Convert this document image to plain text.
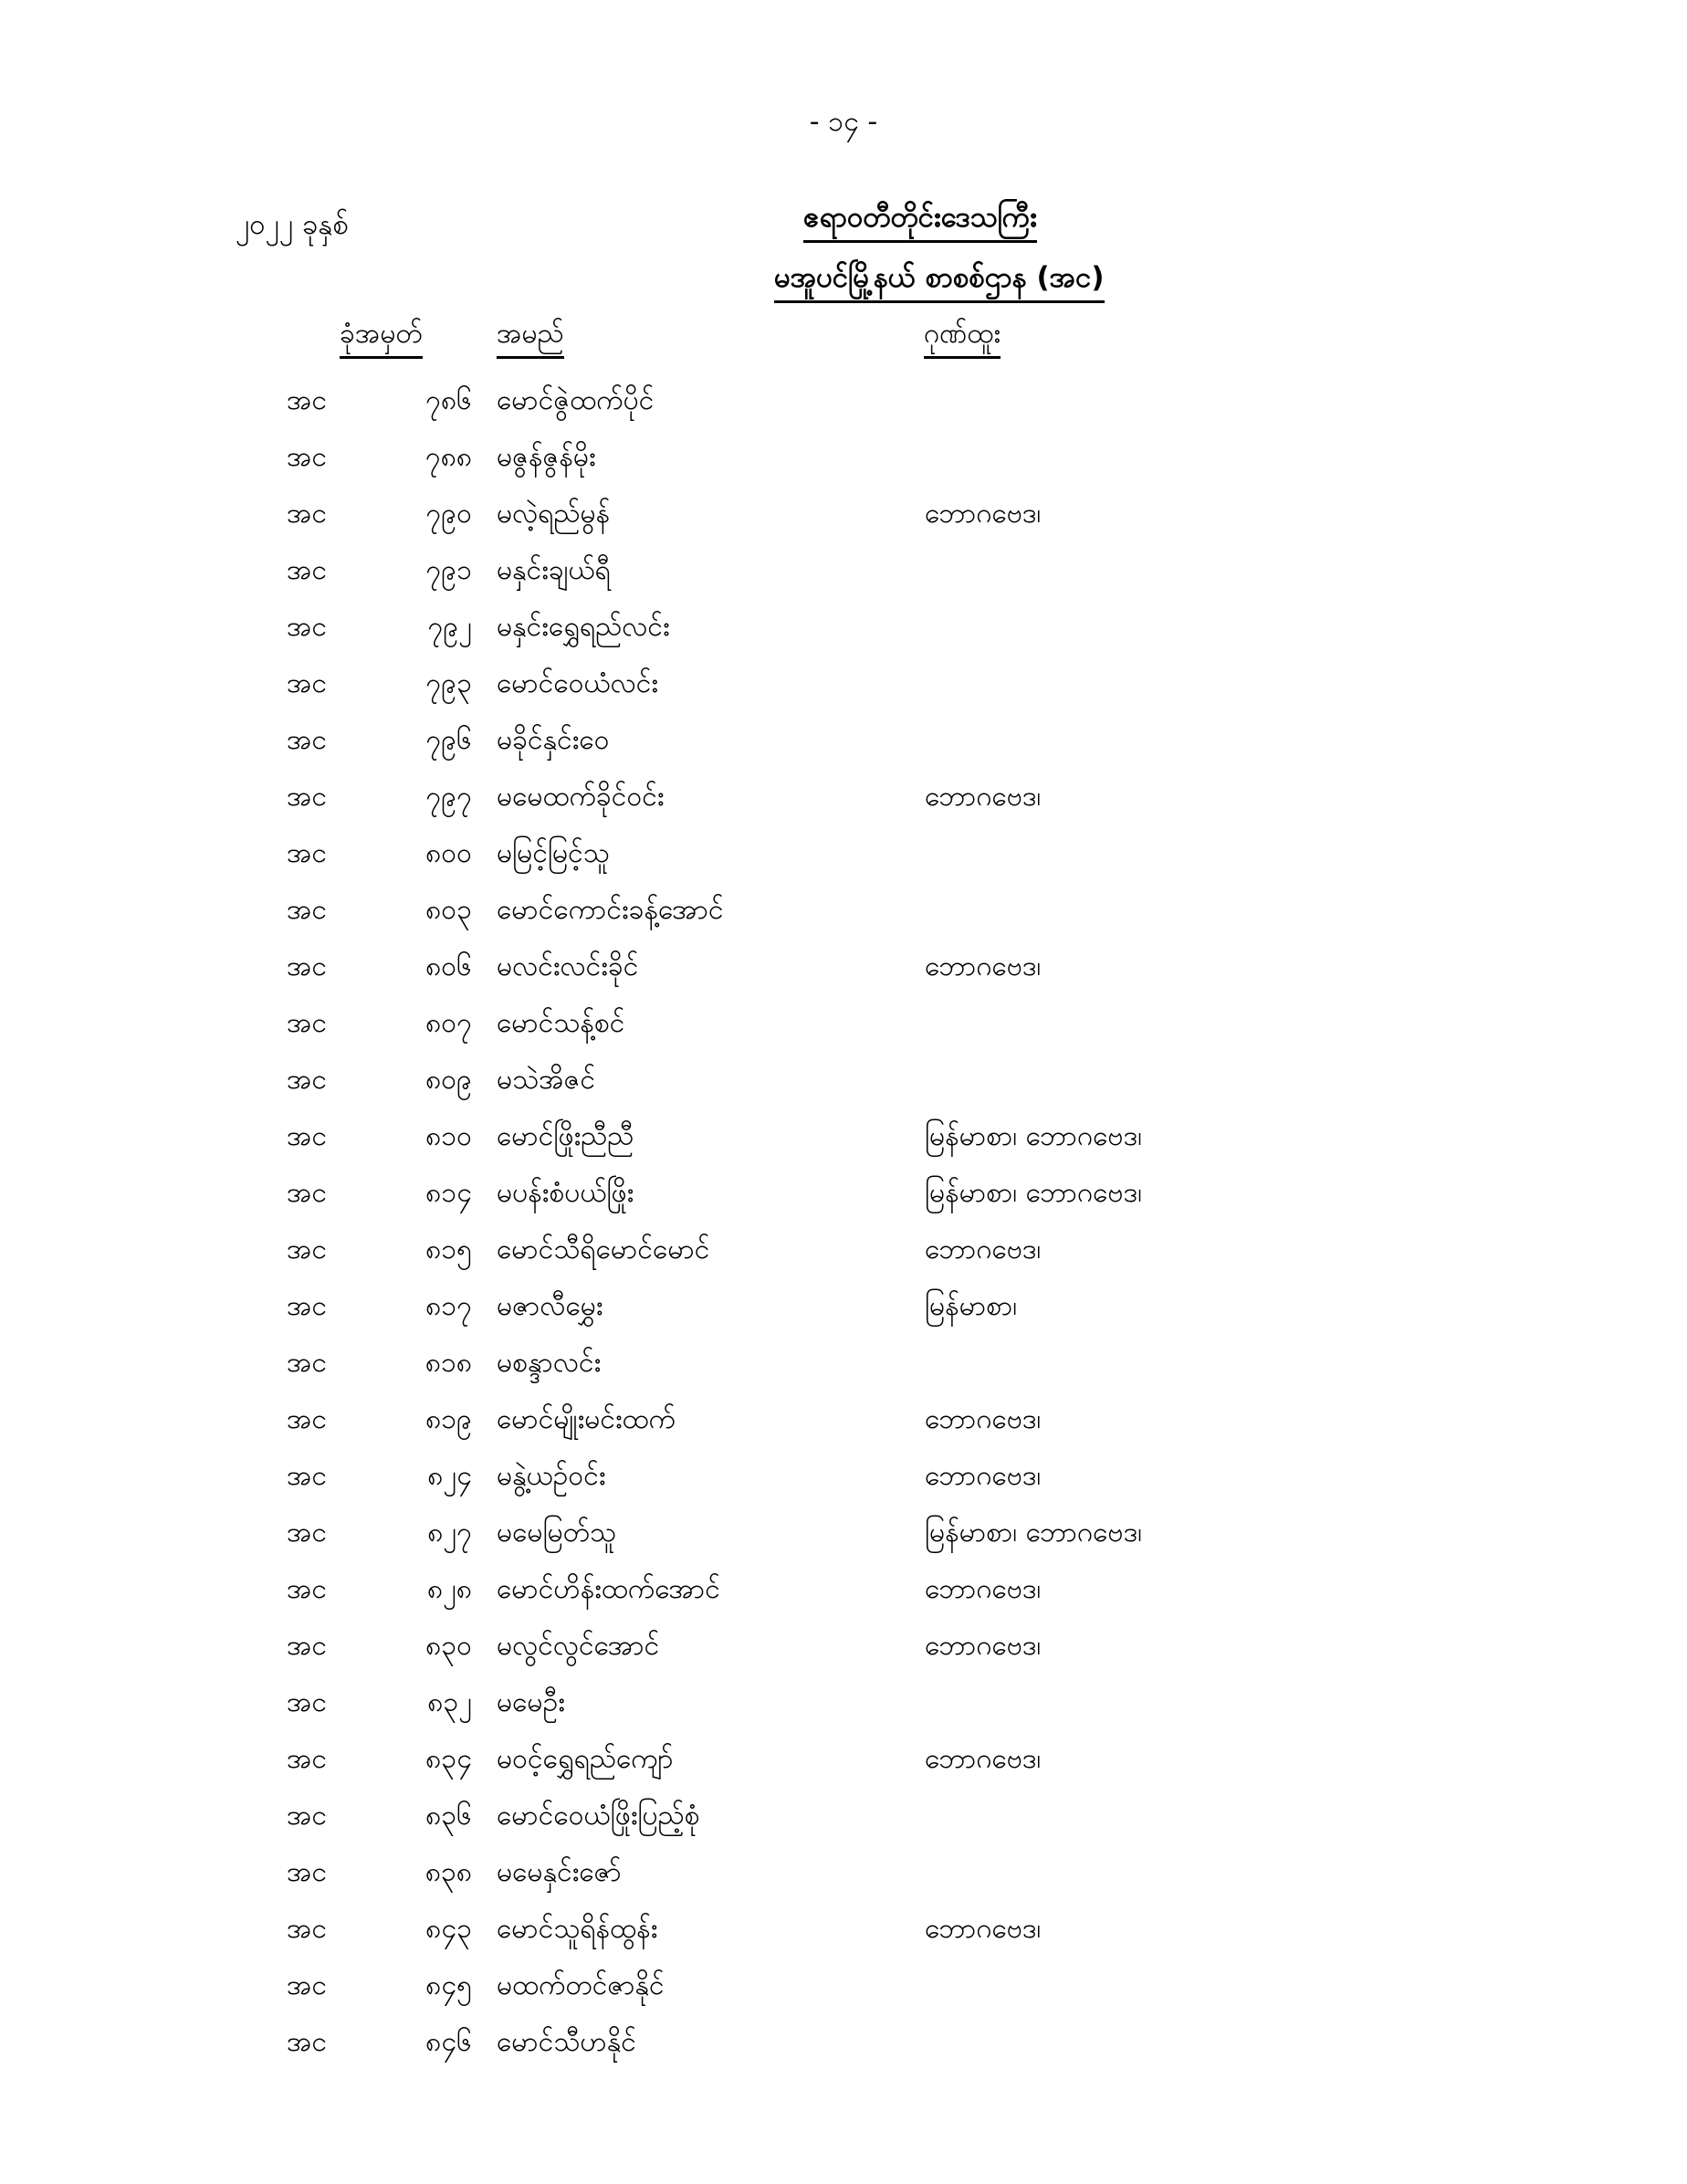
- ၁၄ -
၂၀၂၂ ခုနှစ်	ဧရာဝတီတိုင်းဒေသကြီး
မအူပင်မြို့နယ် စာစစ်ဌာန (အင)
ခုံအမှတ်	အမည်	ဂုဏ်ထူး
အင	၇၈၆ မောင်ဇွဲထက်ပိုင်
အင	၇၈၈ မဇွန်ဇွန်မိုး
အင	၇၉၀ မလဲ့ရည်မွန်	ဘောဂဗေဒ၊
အင	၇၉၁ မနှင်းချယ်ရီ
အင	၇၉၂ မနှင်းရွှေရည်လင်း
အင	၇၉၃ မောင်ဝေယံလင်း
အင	၇၉၆ မခိုင်နှင်းဝေ
အင	၇၉၇ မမေထက်ခိုင်ဝင်း	ဘောဂဗေဒ၊
အင	၈၀၀ မမြင့်မြင့်သူ
အင	၈၀၃ မောင်ကောင်းခန့်အောင်
အင	၈၀၆ မလင်းလင်းခိုင်	ဘောဂဗေဒ၊
အင	၈၀၇ မောင်သန့်စင်
အင	၈၀၉ မသဲအိဇင်
အင	၈၁၀ မောင်ဖြိုးညီညီ	မြန်မာစာ၊ ဘောဂဗေဒ၊
အင	၈၁၄ မပန်းစံပယ်ဖြိုး	မြန်မာစာ၊ ဘောဂဗေဒ၊
အင	၈၁၅ မောင်သီရိမောင်မောင်	ဘောဂဗေဒ၊
အင	၈၁၇ မဇာလီမွှေး	မြန်မာစာ၊
အင	၈၁၈ မစန္ဒာလင်း
အင	၈၁၉ မောင်မျိုးမင်းထက်	ဘောဂဗေဒ၊
အင	၈၂၄ မနွဲ့ယဉ်ဝင်း	ဘောဂဗေဒ၊
အင	၈၂၇ မမေမြတ်သူ	မြန်မာစာ၊ ဘောဂဗေဒ၊
အင	၈၂၈ မောင်ဟိန်းထက်အောင်	ဘောဂဗေဒ၊
အင	၈၃၀ မလွင်လွင်အောင်	ဘောဂဗေဒ၊
အင	၈၃၂ မမေဦး
အင	၈၃၄ မဝင့်ရွှေရည်ကျော်	ဘောဂဗေဒ၊
အင	၈၃၆ မောင်ဝေယံဖြိုးပြည့်စုံ
အင	၈၃၈ မမေနှင်းဇော်
အင	၈၄၃ မောင်သူရိန်ထွန်း	ဘောဂဗေဒ၊
အင	၈၄၅ မထက်တင်ဇာနိုင်
အင	၈၄၆ မောင်သီဟနိုင်
